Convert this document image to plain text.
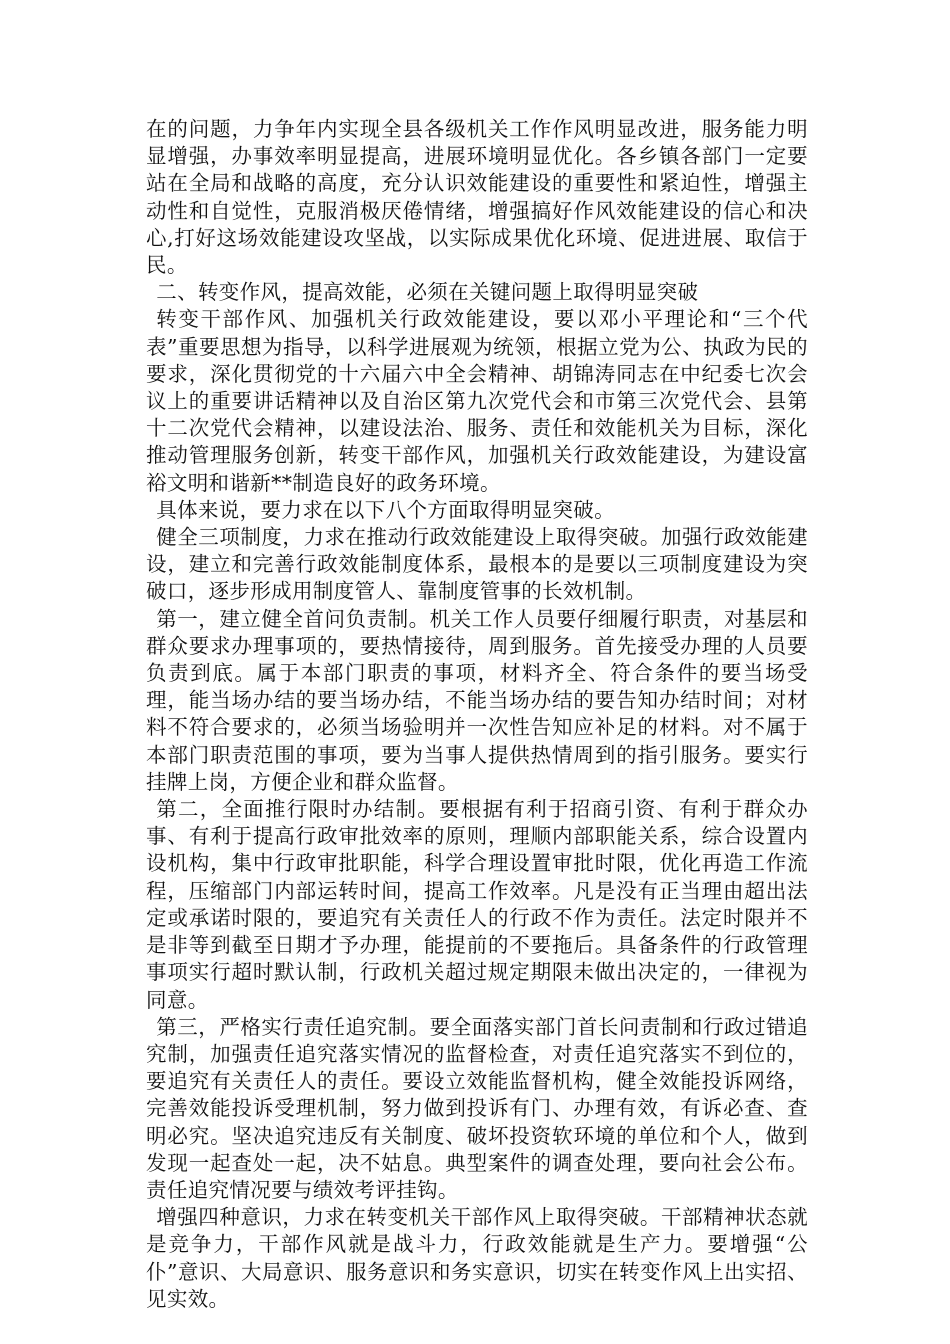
在的问题，力争年内实现全县各级机关工作作风明显改进，服务能力明显增强，办事效率明显提高，进展环境明显优化。各乡镇各部门一定要站在全局和战略的高度，充分认识效能建设的重要性和紧迫性，增强主动性和自觉性，克服消极厌倦情绪，增强搞好作风效能建设的信心和决心,打好这场效能建设攻坚战，以实际成果优化环境、促进进展、取信于民。

二、转变作风，提高效能，必须在关键问题上取得明显突破

转变干部作风、加强机关行政效能建设，要以邓小平理论和“三个代表”重要思想为指导，以科学进展观为统领，根据立党为公、执政为民的要求，深化贯彻党的十六届六中全会精神、胡锦涛同志在中纪委七次会议上的重要讲话精神以及自治区第九次党代会和市第三次党代会、县第十二次党代会精神，以建设法治、服务、责任和效能机关为目标，深化推动管理服务创新，转变干部作风，加强机关行政效能建设，为建设富裕文明和谐新**制造良好的政务环境。

具体来说，要力求在以下八个方面取得明显突破。

健全三项制度，力求在推动行政效能建设上取得突破。加强行政效能建设，建立和完善行政效能制度体系，最根本的是要以三项制度建设为突破口，逐步形成用制度管人、靠制度管事的长效机制。

第一，建立健全首问负责制。机关工作人员要仔细履行职责，对基层和群众要求办理事项的，要热情接待，周到服务。首先接受办理的人员要负责到底。属于本部门职责的事项，材料齐全、符合条件的要当场受理，能当场办结的要当场办结，不能当场办结的要告知办结时间；对材料不符合要求的，必须当场验明并一次性告知应补足的材料。对不属于本部门职责范围的事项，要为当事人提供热情周到的指引服务。要实行挂牌上岗，方便企业和群众监督。

第二，全面推行限时办结制。要根据有利于招商引资、有利于群众办事、有利于提高行政审批效率的原则，理顺内部职能关系，综合设置内设机构，集中行政审批职能，科学合理设置审批时限，优化再造工作流程，压缩部门内部运转时间，提高工作效率。凡是没有正当理由超出法定或承诺时限的，要追究有关责任人的行政不作为责任。法定时限并不是非等到截至日期才予办理，能提前的不要拖后。具备条件的行政管理事项实行超时默认制，行政机关超过规定期限未做出决定的，一律视为同意。

第三，严格实行责任追究制。要全面落实部门首长问责制和行政过错追究制，加强责任追究落实情况的监督检查，对责任追究落实不到位的，要追究有关责任人的责任。要设立效能监督机构，健全效能投诉网络，完善效能投诉受理机制，努力做到投诉有门、办理有效，有诉必查、查明必究。坚决追究违反有关制度、破坏投资软环境的单位和个人，做到发现一起查处一起，决不姑息。典型案件的调查处理，要向社会公布。责任追究情况要与绩效考评挂钩。

增强四种意识，力求在转变机关干部作风上取得突破。干部精神状态就是竞争力，干部作风就是战斗力，行政效能就是生产力。要增强“公仆”意识、大局意识、服务意识和务实意识，切实在转变作风上出实招、见实效。
